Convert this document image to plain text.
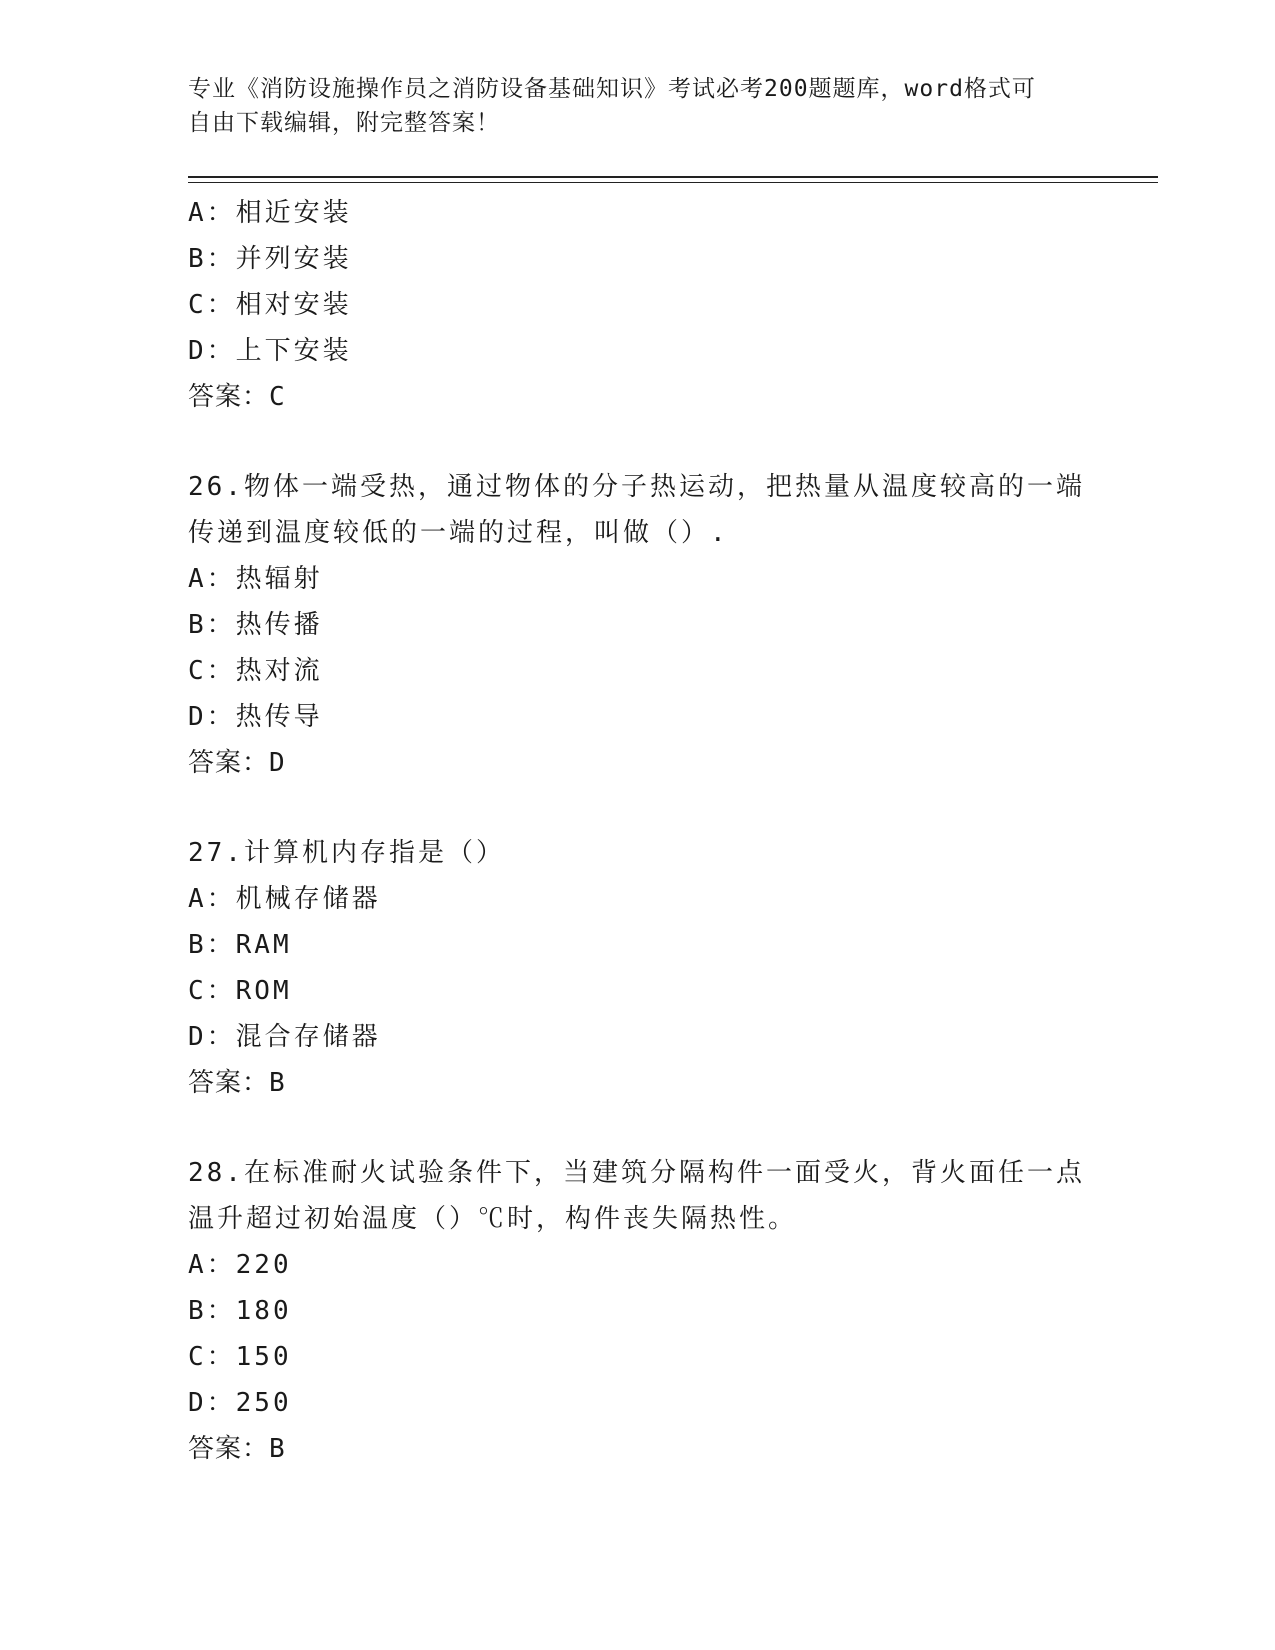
专业《消防设施操作员之消防设备基础知识》考试必考200题题库，word格式可
自由下载编辑，附完整答案！
A：相近安装
B：并列安装
C：相对安装
D：上下安装
答案：C
26.物体一端受热，通过物体的分子热运动，把热量从温度较高的一端
传递到温度较低的一端的过程，叫做（）.
A：热辐射
B：热传播
C：热对流
D：热传导
答案：D
27.计算机内存指是（）
A：机械存储器
B：RAM
C：ROM
D：混合存储器
答案：B
28.在标准耐火试验条件下，当建筑分隔构件一面受火，背火面任一点
温升超过初始温度（）℃时，构件丧失隔热性。
A：220
B：180
C：150
D：250
答案：B
